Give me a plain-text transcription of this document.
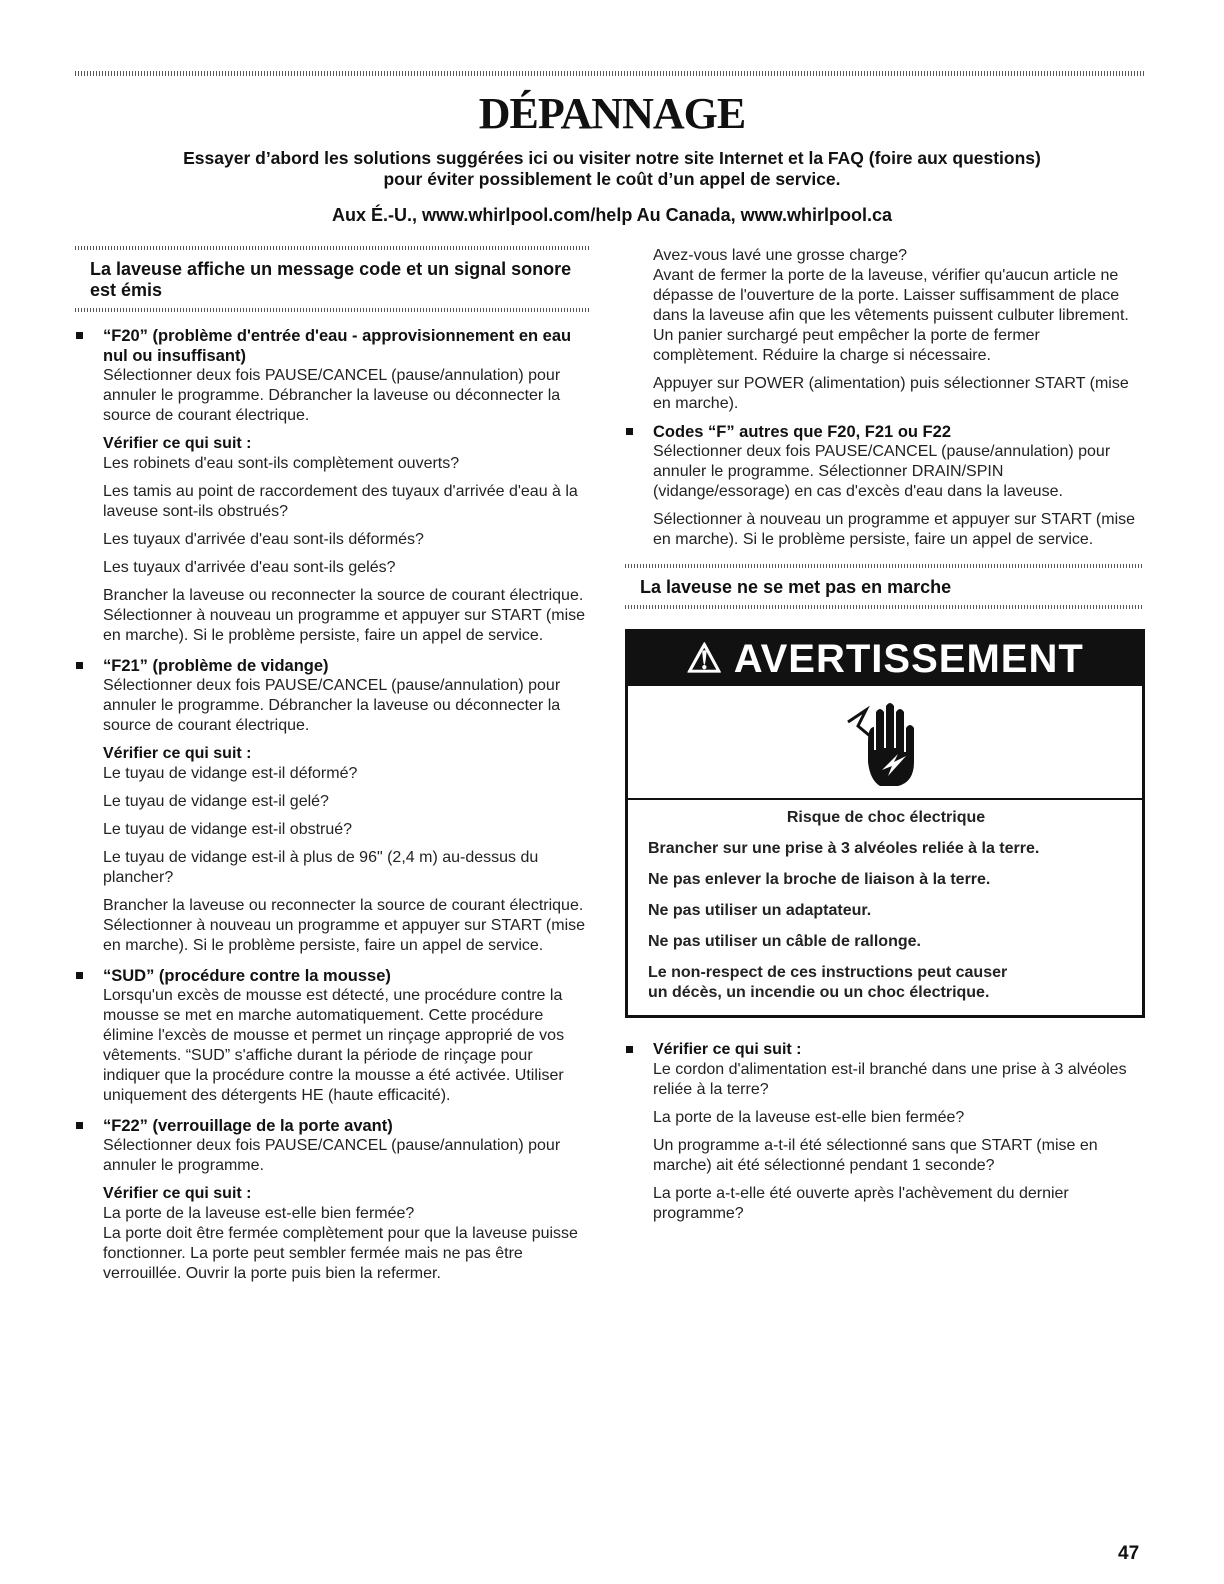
DÉPANNAGE
Essayer d’abord les solutions suggérées ici ou visiter notre site Internet et la FAQ (foire aux questions)
pour éviter possiblement le coût d’un appel de service.
Aux É.-U., www.whirlpool.com/help Au Canada, www.whirlpool.ca
La laveuse affiche un message code et un signal sonore est émis
“F20” (problème d'entrée d'eau - approvisionnement en eau nul ou insuffisant)
Sélectionner deux fois PAUSE/CANCEL (pause/annulation) pour annuler le programme. Débrancher la laveuse ou déconnecter la source de courant électrique.
Vérifier ce qui suit :
Les robinets d'eau sont-ils complètement ouverts?
Les tamis au point de raccordement des tuyaux d'arrivée d'eau à la laveuse sont-ils obstrués?
Les tuyaux d'arrivée d'eau sont-ils déformés?
Les tuyaux d'arrivée d'eau sont-ils gelés?
Brancher la laveuse ou reconnecter la source de courant électrique. Sélectionner à nouveau un programme et appuyer sur START (mise en marche). Si le problème persiste, faire un appel de service.
“F21” (problème de vidange)
Sélectionner deux fois PAUSE/CANCEL (pause/annulation) pour annuler le programme. Débrancher la laveuse ou déconnecter la source de courant électrique.
Vérifier ce qui suit :
Le tuyau de vidange est-il déformé?
Le tuyau de vidange est-il gelé?
Le tuyau de vidange est-il obstrué?
Le tuyau de vidange est-il à plus de 96" (2,4 m) au-dessus du plancher?
Brancher la laveuse ou reconnecter la source de courant électrique. Sélectionner à nouveau un programme et appuyer sur START (mise en marche). Si le problème persiste, faire un appel de service.
“SUD” (procédure contre la mousse)
Lorsqu'un excès de mousse est détecté, une procédure contre la mousse se met en marche automatiquement. Cette procédure élimine l'excès de mousse et permet un rinçage approprié de vos vêtements. “SUD” s'affiche durant la période de rinçage pour indiquer que la procédure contre la mousse a été activée. Utiliser uniquement des détergents HE (haute efficacité).
“F22” (verrouillage de la porte avant)
Sélectionner deux fois PAUSE/CANCEL (pause/annulation) pour annuler le programme.
Vérifier ce qui suit :
La porte de la laveuse est-elle bien fermée?
La porte doit être fermée complètement pour que la laveuse puisse fonctionner. La porte peut sembler fermée mais ne pas être verrouillée. Ouvrir la porte puis bien la refermer.
Avez-vous lavé une grosse charge?
Avant de fermer la porte de la laveuse, vérifier qu'aucun article ne dépasse de l'ouverture de la porte. Laisser suffisamment de place dans la laveuse afin que les vêtements puissent culbuter librement. Un panier surchargé peut empêcher la porte de fermer complètement. Réduire la charge si nécessaire.
Appuyer sur POWER (alimentation) puis sélectionner START (mise en marche).
Codes “F” autres que F20, F21 ou F22
Sélectionner deux fois PAUSE/CANCEL (pause/annulation) pour annuler le programme. Sélectionner DRAIN/SPIN (vidange/essorage) en cas d'excès d'eau dans la laveuse.
Sélectionner à nouveau un programme et appuyer sur START (mise en marche). Si le problème persiste, faire un appel de service.
La laveuse ne se met pas en marche
⚠ AVERTISSEMENT
Risque de choc électrique
Brancher sur une prise à 3 alvéoles reliée à la terre.
Ne pas enlever la broche de liaison à la terre.
Ne pas utiliser un adaptateur.
Ne pas utiliser un câble de rallonge.
Le non-respect de ces instructions peut causer
un décès, un incendie ou un choc électrique.
Vérifier ce qui suit :
Le cordon d'alimentation est-il branché dans une prise à 3 alvéoles reliée à la terre?
La porte de la laveuse est-elle bien fermée?
Un programme a-t-il été sélectionné sans que START (mise en marche) ait été sélectionné pendant 1 seconde?
La porte a-t-elle été ouverte après l'achèvement du dernier programme?
47
